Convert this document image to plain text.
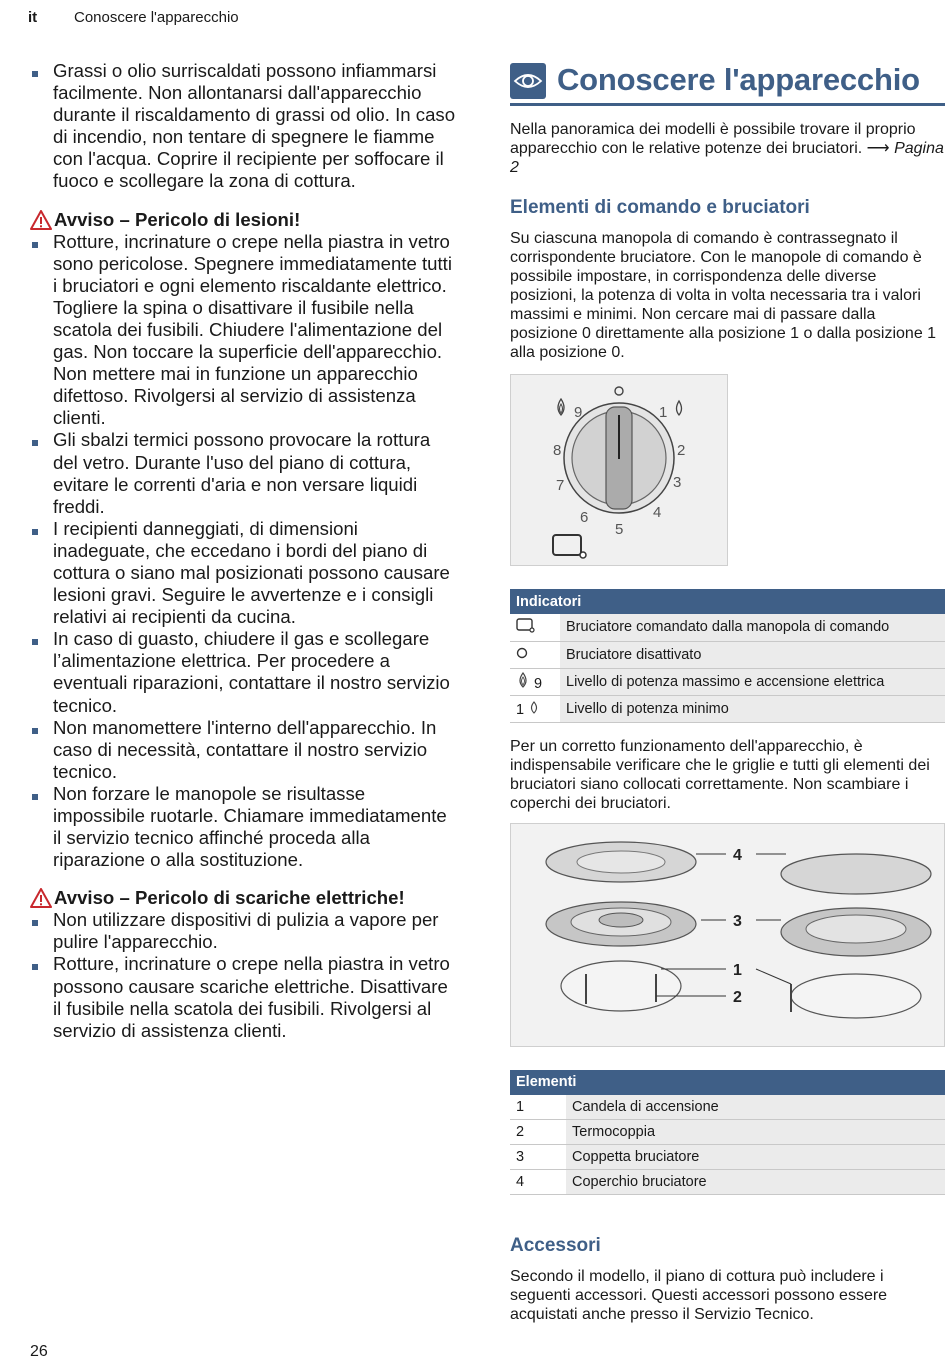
it Conoscere l'apparecchio
Grassi o olio surriscaldati possono infiammarsi facilmente. Non allontanarsi dall'apparecchio durante il riscaldamento di grassi od olio. In caso di incendio, non tentare di spegnere le fiamme con l'acqua. Coprire il recipiente per soffocare il fuoco e scollegare la zona di cottura.
Avviso – Pericolo di lesioni!
Rotture, incrinature o crepe nella piastra in vetro sono pericolose. Spegnere immediatamente tutti i bruciatori e ogni elemento riscaldante elettrico. Togliere la spina o disattivare il fusibile nella scatola dei fusibili. Chiudere l'alimentazione del gas. Non toccare la superficie dell'apparecchio. Non mettere mai in funzione un apparecchio difettoso. Rivolgersi al servizio di assistenza clienti.
Gli sbalzi termici possono provocare la rottura del vetro. Durante l'uso del piano di cottura, evitare le correnti d'aria e non versare liquidi freddi.
I recipienti danneggiati, di dimensioni inadeguate, che eccedano i bordi del piano di cottura o siano mal posizionati possono causare lesioni gravi. Seguire le avvertenze e i consigli relativi ai recipienti da cucina.
In caso di guasto, chiudere il gas e scollegare l’alimentazione elettrica. Per procedere a eventuali riparazioni, contattare il nostro servizio tecnico.
Non manomettere l'interno dell'apparecchio. In caso di necessità, contattare il nostro servizio tecnico.
Non forzare le manopole se risultasse impossibile ruotarle. Chiamare immediatamente il servizio tecnico affinché proceda alla riparazione o alla sostituzione.
Avviso – Pericolo di scariche elettriche!
Non utilizzare dispositivi di pulizia a vapore per pulire l'apparecchio.
Rotture, incrinature o crepe nella piastra in vetro possono causare scariche elettriche. Disattivare il fusibile nella scatola dei fusibili. Rivolgersi al servizio di assistenza clienti.
Conoscere l'apparecchio

Nella panoramica dei modelli è possibile trovare il proprio apparecchio con le relative potenze dei bruciatori. ⟶ Pagina 2

Elementi di comando e bruciatori

Su ciascuna manopola di comando è contrassegnato il corrispondente bruciatore. Con le manopole di comando è possibile impostare, in corrispondenza delle diverse posizioni, la potenza di volta in volta necessaria tra i valori massimi e minimi. Non cercare mai di passare dalla posizione 0 direttamente alla posizione 1 o dalla posizione 1 alla posizione 0.

9	1
2
3
4
5
6
7
8
Indicatori	
	Bruciatore comandato dalla manopola di comando
	Bruciatore disattivato
9	Livello di potenza massimo e accensione elettrica
1	Livello di potenza minimo

Per un corretto funzionamento dell'apparecchio, è indispensabile verificare che le griglie e tutti gli elementi dei bruciatori siano collocati correttamente. Non scambiare i coperchi dei bruciatori.

4
3
1
2
Elementi	
1	Candela di accensione
2	Termocoppia
3	Coppetta bruciatore
4	Coperchio bruciatore
Accessori

Secondo il modello, il piano di cottura può includere i seguenti accessori. Questi accessori possono essere acquistati anche presso il Servizio Tecnico.

26
